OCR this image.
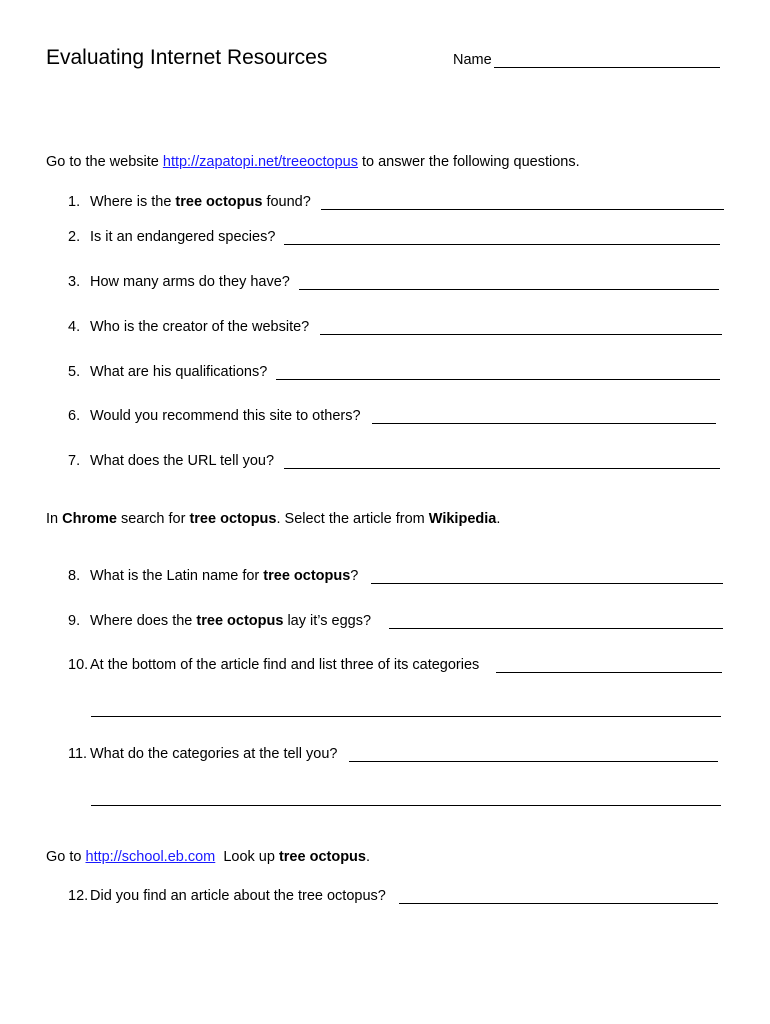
Evaluating Internet Resources	Name
Go to the website http://zapatopi.net/treeoctopus to answer the following questions.
1. Where is the tree octopus found?
2. Is it an endangered species?
3. How many arms do they have?
4. Who is the creator of the website?
5. What are his qualifications?
6. Would you recommend this site to others?
7. What does the URL tell you?
In Chrome search for tree octopus. Select the article from Wikipedia.
8. What is the Latin name for tree octopus?
9. Where does the tree octopus lay it’s eggs?
10. At the bottom of the article find and list three of its categories
11. What do the categories at the tell you?
Go to http://school.eb.com  Look up tree octopus.
12. Did you find an article about the tree octopus?
